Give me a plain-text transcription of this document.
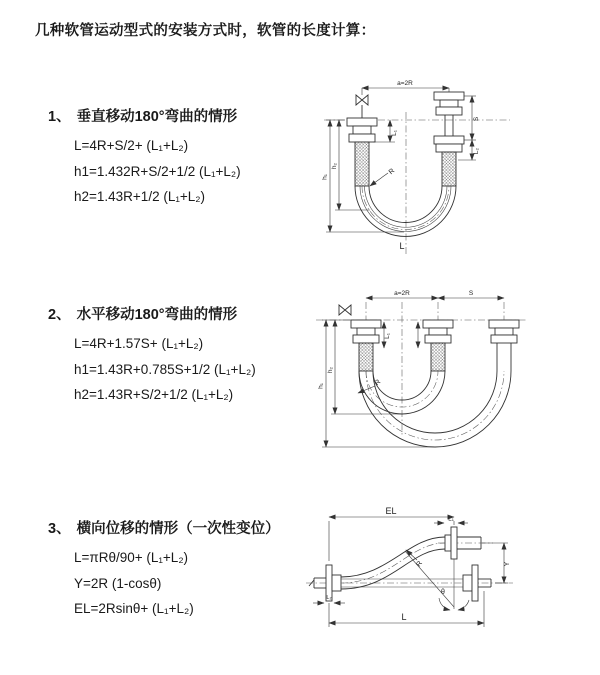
几种软管运动型式的安装方式时，软管的长度计算：
1、 垂直移动180°弯曲的情形
L=4R+S/2+ (L₁+L₂)
h1=1.432R+S/2+1/2 (L₁+L₂)
h2=1.43R+1/2 (L₁+L₂)
a=2R
L₁
S
L₂
h₁
h₂
R
L
2、 水平移动180°弯曲的情形
L=4R+1.57S+ (L₁+L₂)
h1=1.43R+0.785S+1/2 (L₁+L₂)
h2=1.43R+S/2+1/2 (L₁+L₂)
a=2R	S
L₁
h₁
h₂
R
3、 横向位移的情形（一次性变位）
L=πRθ/90+ (L₁+L₂)
Y=2R (1-cosθ)
EL=2Rsinθ+ (L₁+L₂)
EL
L₁
Y
θ
R
L
L₂
